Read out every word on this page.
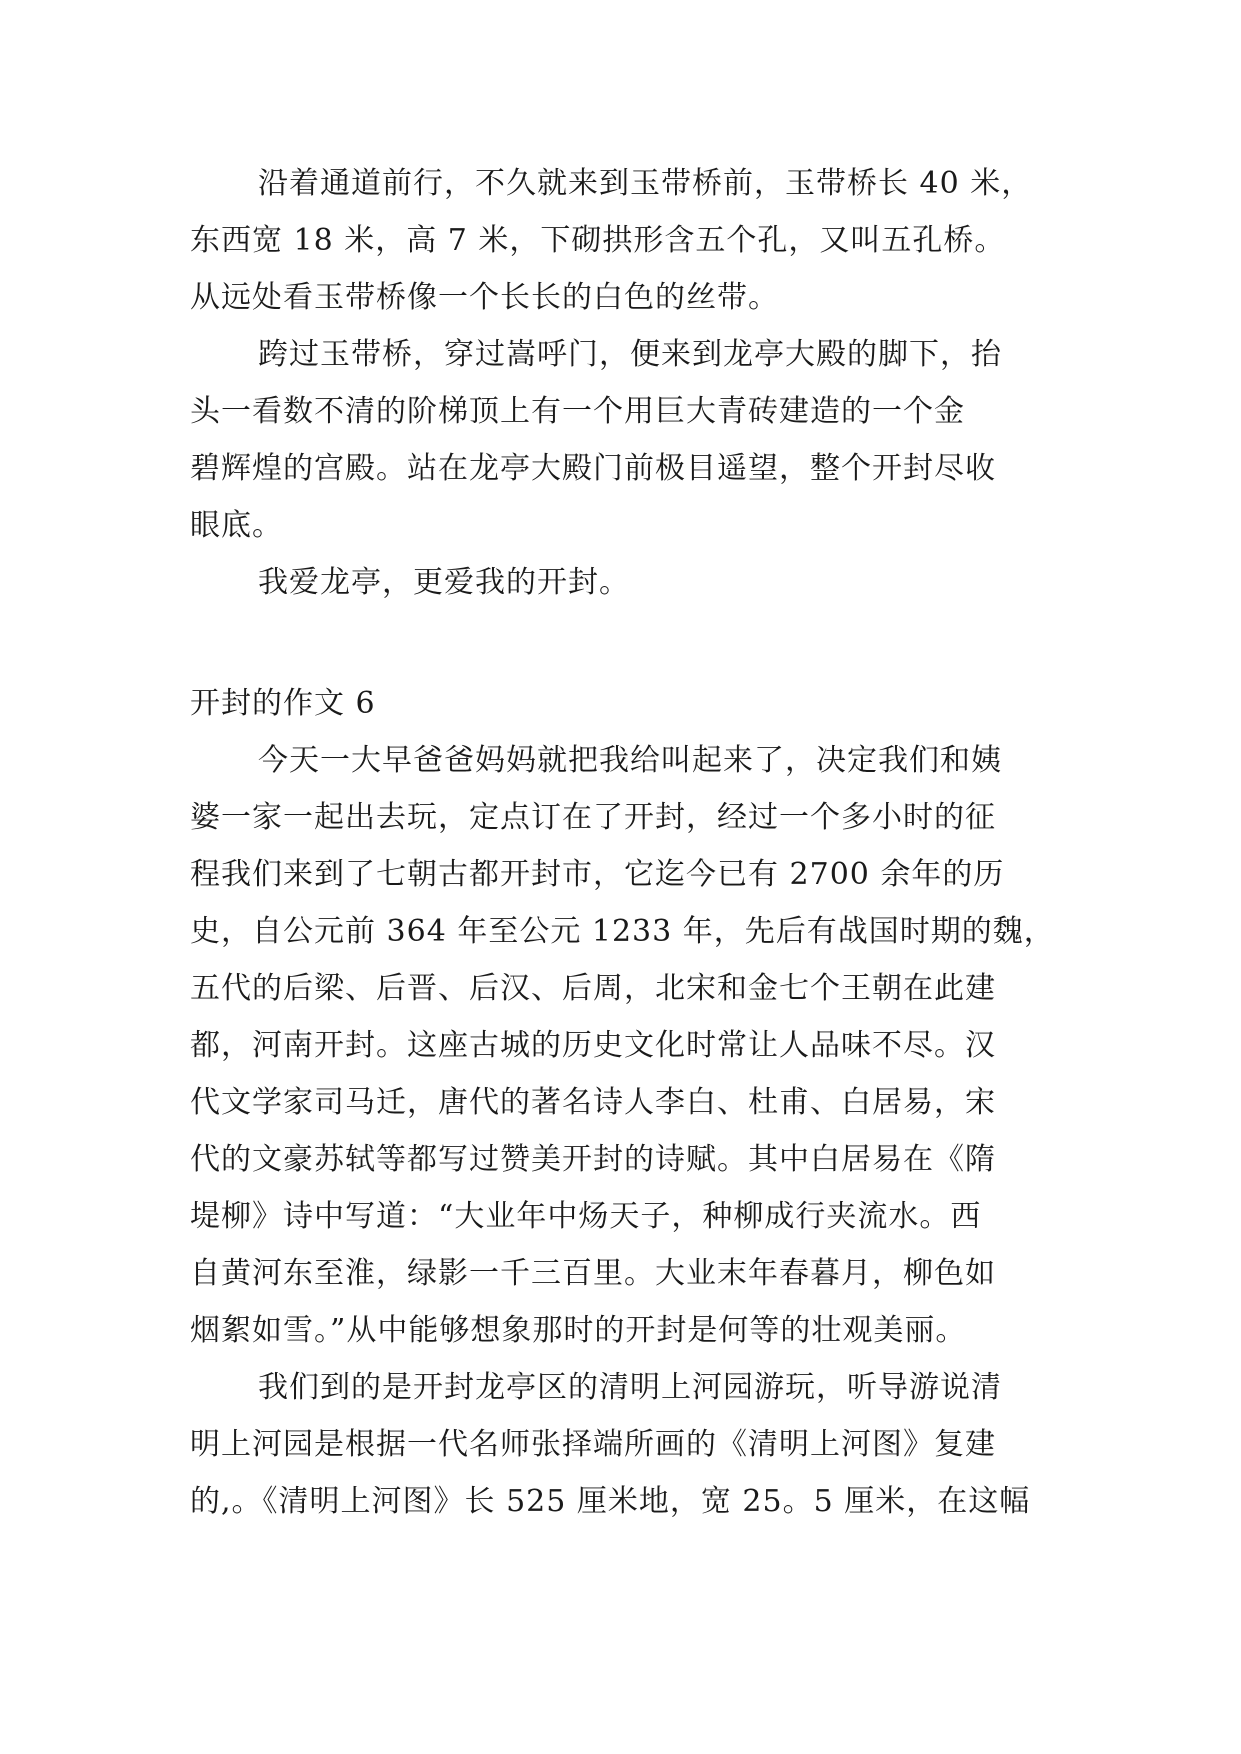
沿着通道前行，不久就来到玉带桥前，玉带桥长 40 米，
东西宽 18 米，高 7 米，下砌拱形含五个孔，又叫五孔桥。
从远处看玉带桥像一个长长的白色的丝带。
跨过玉带桥，穿过嵩呼门，便来到龙亭大殿的脚下，抬
头一看数不清的阶梯顶上有一个用巨大青砖建造的一个金
碧辉煌的宫殿。站在龙亭大殿门前极目遥望，整个开封尽收
眼底。
我爱龙亭，更爱我的开封。
开封的作文 6
今天一大早爸爸妈妈就把我给叫起来了，决定我们和姨
婆一家一起出去玩，定点订在了开封，经过一个多小时的征
程我们来到了七朝古都开封市，它迄今已有 2700 余年的历
史，自公元前 364 年至公元 1233 年，先后有战国时期的魏，
五代的后梁、后晋、后汉、后周，北宋和金七个王朝在此建
都，河南开封。这座古城的历史文化时常让人品味不尽。汉
代文学家司马迁，唐代的著名诗人李白、杜甫、白居易，宋
代的文豪苏轼等都写过赞美开封的诗赋。其中白居易在《隋
堤柳》诗中写道：“大业年中炀天子，种柳成行夹流水。西
自黄河东至淮，绿影一千三百里。大业末年春暮月，柳色如
烟絮如雪。”从中能够想象那时的开封是何等的壮观美丽。
我们到的是开封龙亭区的清明上河园游玩，听导游说清
明上河园是根据一代名师张择端所画的《清明上河图》复建
的,。《清明上河图》长 525 厘米地，宽 25。5 厘米，在这幅
